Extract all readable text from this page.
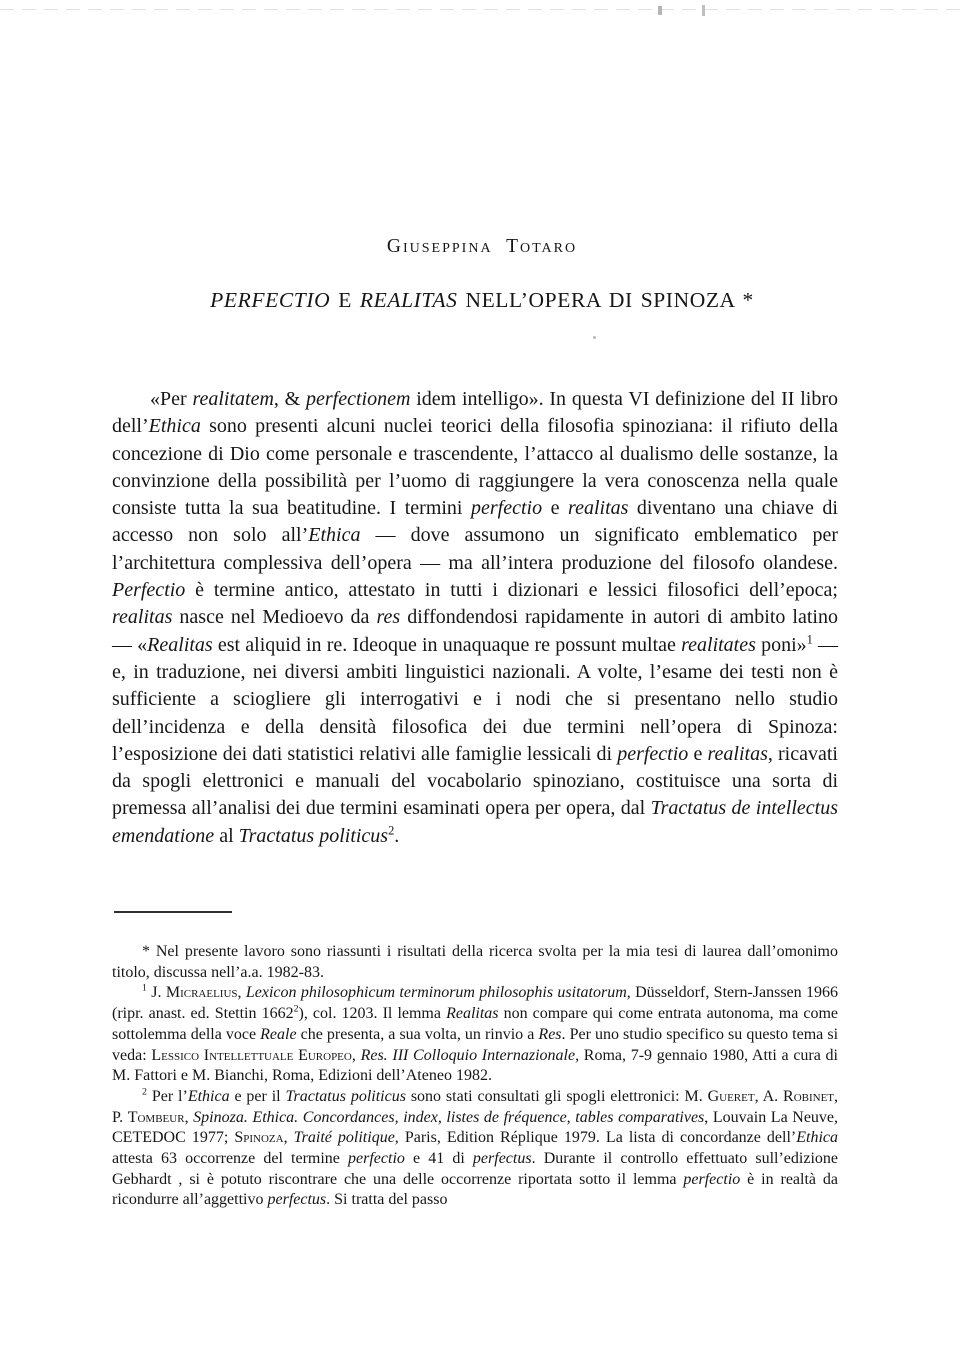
Giuseppina Totaro
PERFECTIO E REALITAS NELL’OPERA DI SPINOZA *

«Per realitatem, & perfectionem idem intelligo». In questa VI definizione del II libro dell’Ethica sono presenti alcuni nuclei teorici della filosofia spinoziana: il rifiuto della concezione di Dio come personale e trascendente, l’attacco al dualismo delle sostanze, la convinzione della possibilità per l’uomo di raggiungere la vera conoscenza nella quale consiste tutta la sua beatitudine. I termini perfectio e realitas diventano una chiave di accesso non solo all’Ethica — dove assumono un significato emblematico per l’architettura complessiva dell’opera — ma all’intera produzione del filosofo olandese. Perfectio è termine antico, attestato in tutti i dizionari e lessici filosofici dell’epoca; realitas nasce nel Medioevo da res diffondendosi rapidamente in autori di ambito latino — «Realitas est aliquid in re. Ideoque in unaquaque re possunt multae realitates poni»$^1$ — e, in traduzione, nei diversi ambiti linguistici nazionali. A volte, l’esame dei testi non è sufficiente a sciogliere gli interrogativi e i nodi che si presentano nello studio dell’incidenza e della densità filosofica dei due termini nell’opera di Spinoza: l’esposizione dei dati statistici relativi alle famiglie lessicali di perfectio e realitas, ricavati da spogli elettronici e manuali del vocabolario spinoziano, costituisce una sorta di premessa all’analisi dei due termini esaminati opera per opera, dal Tractatus de intellectus emendatione al Tractatus politicus$^2$.

* Nel presente lavoro sono riassunti i risultati della ricerca svolta per la mia tesi di laurea dall’omonimo titolo, discussa nell’a.a. 1982-83.

$^1$ J. Micraelius, Lexicon philosophicum terminorum philosophis usitatorum, Düsseldorf, Stern-Janssen 1966 (ripr. anast. ed. Stettin 1662$^2$), col. 1203. Il lemma Realitas non compare qui come entrata autonoma, ma come sottolemma della voce Reale che presenta, a sua volta, un rinvio a Res. Per uno studio specifico su questo tema si veda: Lessico Intellettuale Europeo, Res. III Colloquio Internazionale, Roma, 7-9 gennaio 1980, Atti a cura di M. Fattori e M. Bianchi, Roma, Edizioni dell’Ateneo 1982.

$^2$ Per l’Ethica e per il Tractatus politicus sono stati consultati gli spogli elettronici: M. Gueret, A. Robinet, P. Tombeur, Spinoza. Ethica. Concordances, index, listes de fréquence, tables comparatives, Louvain La Neuve, CETEDOC 1977; Spinoza, Traité politique, Paris, Edition Réplique 1979. La lista di concordanze dell’Ethica attesta 63 occorrenze del termine perfectio e 41 di perfectus. Durante il controllo effettuato sull’edizione Gebhardt , si è potuto riscontrare che una delle occorrenze riportata sotto il lemma perfectio è in realtà da ricondurre all’aggettivo perfectus. Si tratta del passo
